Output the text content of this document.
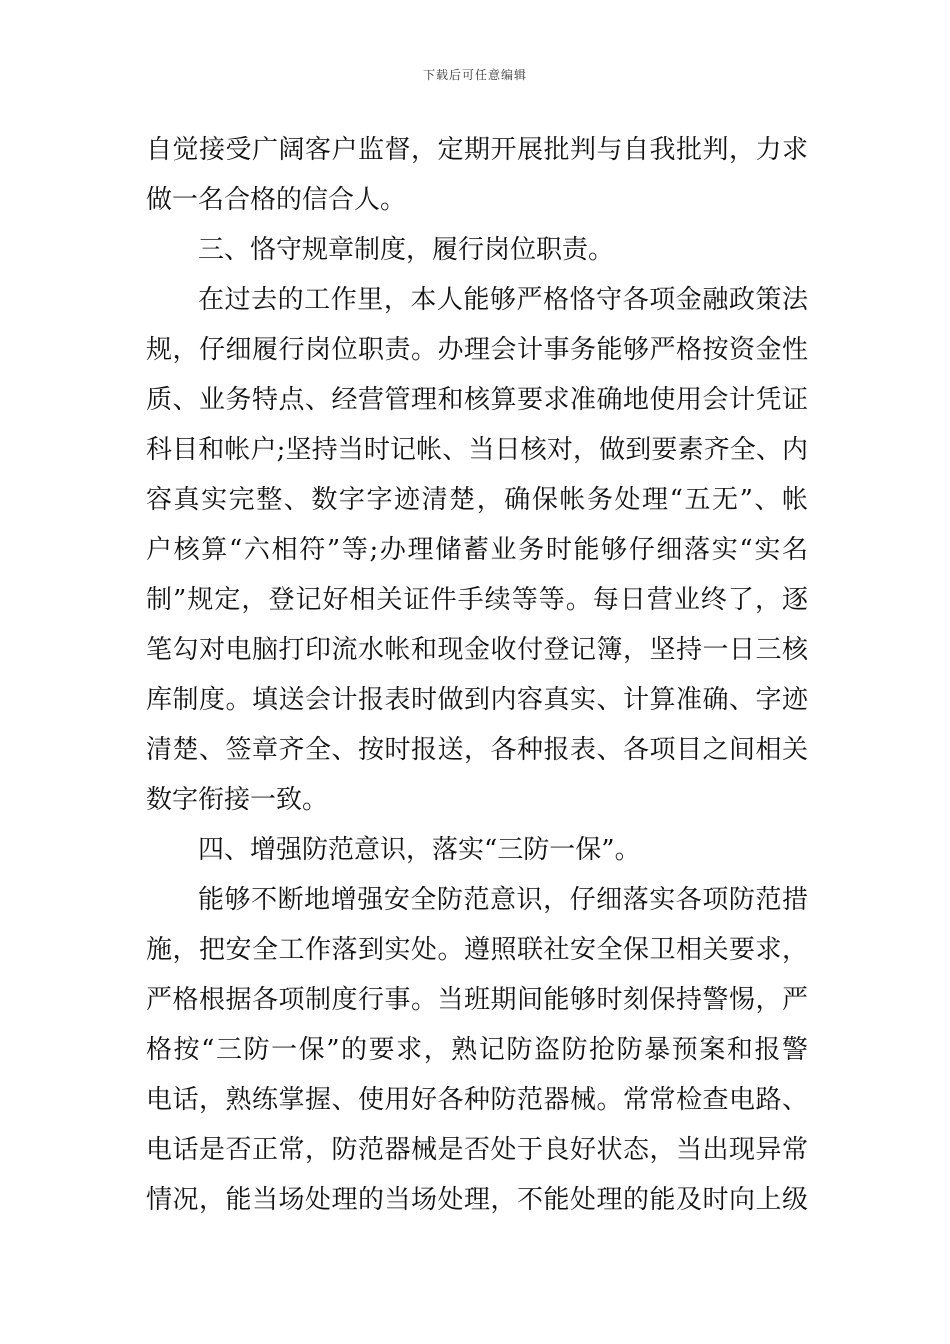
下载后可任意编辑
自觉接受广阔客户监督，定期开展批判与自我批判，力求
做一名合格的信合人。
三、恪守规章制度，履行岗位职责。
在过去的工作里，本人能够严格恪守各项金融政策法
规，仔细履行岗位职责。办理会计事务能够严格按资金性
质、业务特点、经营管理和核算要求准确地使用会计凭证
科目和帐户;坚持当时记帐、当日核对，做到要素齐全、内
容真实完整、数字字迹清楚，确保帐务处理“五无”、帐
户核算“六相符”等;办理储蓄业务时能够仔细落实“实名
制”规定，登记好相关证件手续等等。每日营业终了，逐
笔勾对电脑打印流水帐和现金收付登记簿，坚持一日三核
库制度。填送会计报表时做到内容真实、计算准确、字迹
清楚、签章齐全、按时报送，各种报表、各项目之间相关
数字衔接一致。
四、增强防范意识，落实“三防一保”。
能够不断地增强安全防范意识，仔细落实各项防范措
施，把安全工作落到实处。遵照联社安全保卫相关要求，
严格根据各项制度行事。当班期间能够时刻保持警惕，严
格按“三防一保”的要求，熟记防盗防抢防暴预案和报警
电话，熟练掌握、使用好各种防范器械。常常检查电路、
电话是否正常，防范器械是否处于良好状态，当出现异常
情况，能当场处理的当场处理，不能处理的能及时向上级
